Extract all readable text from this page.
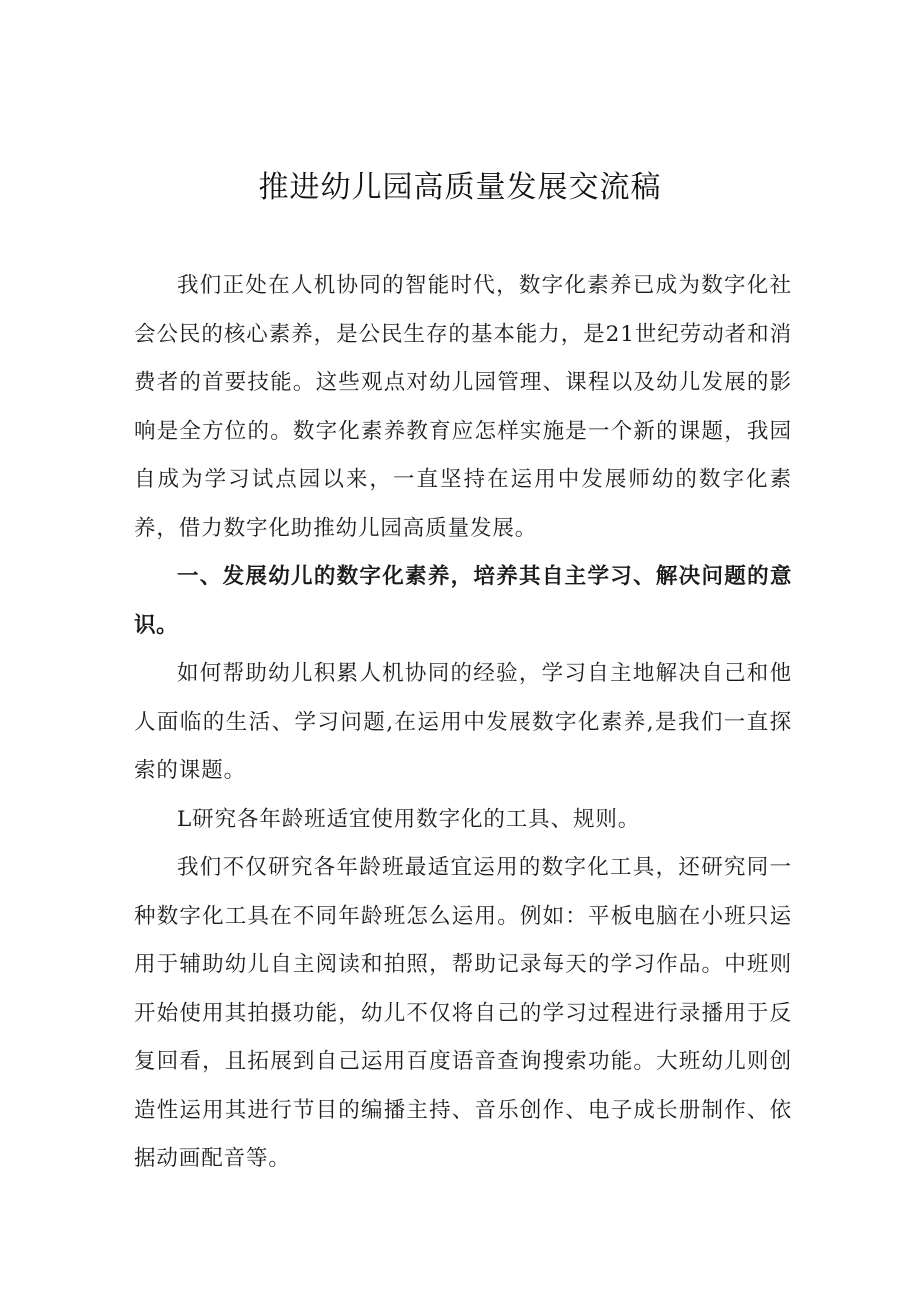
推进幼儿园高质量发展交流稿

我们正处在人机协同的智能时代，数字化素养已成为数字化社会公民的核心素养，是公民生存的基本能力，是21世纪劳动者和消费者的首要技能。这些观点对幼儿园管理、课程以及幼儿发展的影响是全方位的。数字化素养教育应怎样实施是一个新的课题，我园自成为学习试点园以来，一直坚持在运用中发展师幼的数字化素养，借力数字化助推幼儿园高质量发展。

一、发展幼儿的数字化素养，培养其自主学习、解决问题的意识。

如何帮助幼儿积累人机协同的经验，学习自主地解决自己和他人面临的生活、学习问题,在运用中发展数字化素养,是我们一直探索的课题。

L研究各年龄班适宜使用数字化的工具、规则。

我们不仅研究各年龄班最适宜运用的数字化工具，还研究同一种数字化工具在不同年龄班怎么运用。例如：平板电脑在小班只运用于辅助幼儿自主阅读和拍照，帮助记录每天的学习作品。中班则开始使用其拍摄功能，幼儿不仅将自己的学习过程进行录播用于反复回看，且拓展到自己运用百度语音查询搜索功能。大班幼儿则创造性运用其进行节目的编播主持、音乐创作、电子成长册制作、依据动画配音等。
